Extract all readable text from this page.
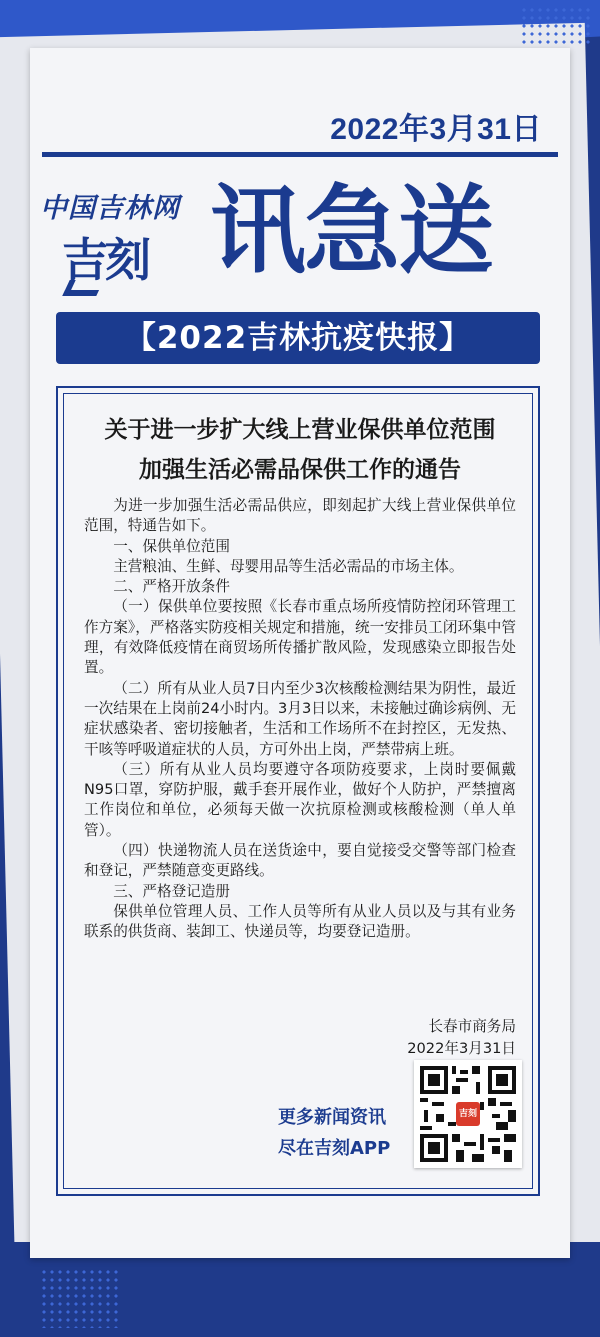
2022年3月31日
中国吉林网
吉刻 讯急送
【2022吉林抗疫快报】
关于进一步扩大线上营业保供单位范围
加强生活必需品保供工作的通告

为进一步加强生活必需品供应，即刻起扩大线上营业保供单位范围，特通告如下。

一、保供单位范围

主营粮油、生鲜、母婴用品等生活必需品的市场主体。

二、严格开放条件

（一）保供单位要按照《长春市重点场所疫情防控闭环管理工作方案》，严格落实防疫相关规定和措施，统一安排员工闭环集中管理，有效降低疫情在商贸场所传播扩散风险，发现感染立即报告处置。

（二）所有从业人员7日内至少3次核酸检测结果为阴性，最近一次结果在上岗前24小时内。3月3日以来，未接触过确诊病例、无症状感染者、密切接触者，生活和工作场所不在封控区，无发热、干咳等呼吸道症状的人员，方可外出上岗，严禁带病上班。

（三）所有从业人员均要遵守各项防疫要求，上岗时要佩戴N95口罩，穿防护服，戴手套开展作业，做好个人防护，严禁擅离工作岗位和单位，必须每天做一次抗原检测或核酸检测（单人单管）。

（四）快递物流人员在送货途中，要自觉接受交警等部门检查和登记，严禁随意变更路线。

三、严格登记造册

保供单位管理人员、工作人员等所有从业人员以及与其有业务联系的供货商、装卸工、快递员等，均要登记造册。

长春市商务局
2022年3月31日
更多新闻资讯
尽在吉刻APP
吉刻
